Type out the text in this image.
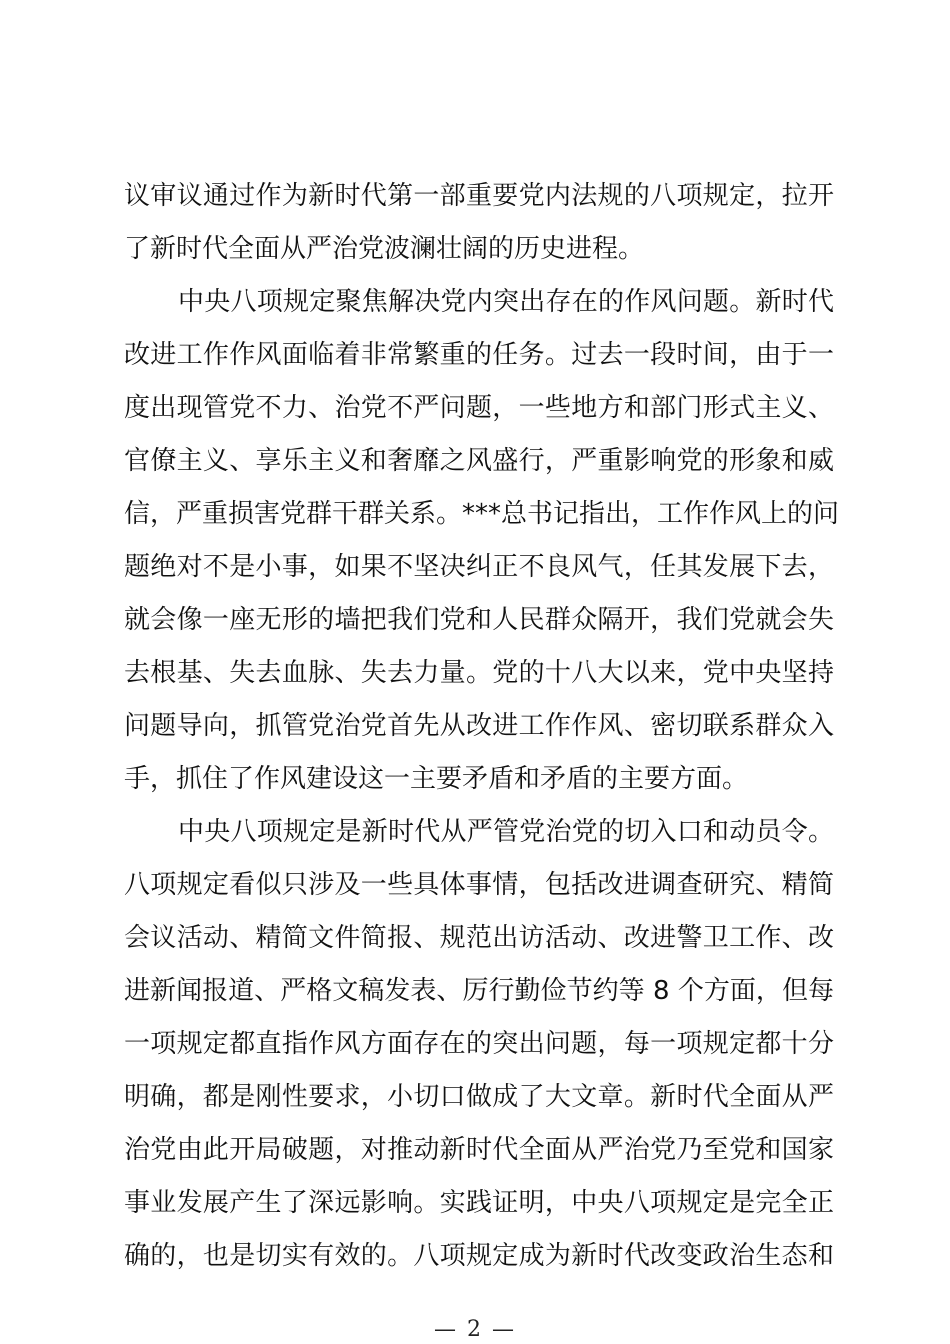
议审议通过作为新时代第一部重要党内法规的八项规定，拉开
了新时代全面从严治党波澜壮阔的历史进程。
中央八项规定聚焦解决党内突出存在的作风问题。新时代
改进工作作风面临着非常繁重的任务。过去一段时间，由于一
度出现管党不力、治党不严问题，一些地方和部门形式主义、
官僚主义、享乐主义和奢靡之风盛行，严重影响党的形象和威
信，严重损害党群干群关系。***总书记指出，工作作风上的问
题绝对不是小事，如果不坚决纠正不良风气，任其发展下去，
就会像一座无形的墙把我们党和人民群众隔开，我们党就会失
去根基、失去血脉、失去力量。党的十八大以来，党中央坚持
问题导向，抓管党治党首先从改进工作作风、密切联系群众入
手，抓住了作风建设这一主要矛盾和矛盾的主要方面。
中央八项规定是新时代从严管党治党的切入口和动员令。
八项规定看似只涉及一些具体事情，包括改进调查研究、精简
会议活动、精简文件简报、规范出访活动、改进警卫工作、改
进新闻报道、严格文稿发表、厉行勤俭节约等 8 个方面，但每
一项规定都直指作风方面存在的突出问题，每一项规定都十分
明确，都是刚性要求，小切口做成了大文章。新时代全面从严
治党由此开局破题，对推动新时代全面从严治党乃至党和国家
事业发展产生了深远影响。实践证明，中央八项规定是完全正
确的，也是切实有效的。八项规定成为新时代改变政治生态和
— 2 —
